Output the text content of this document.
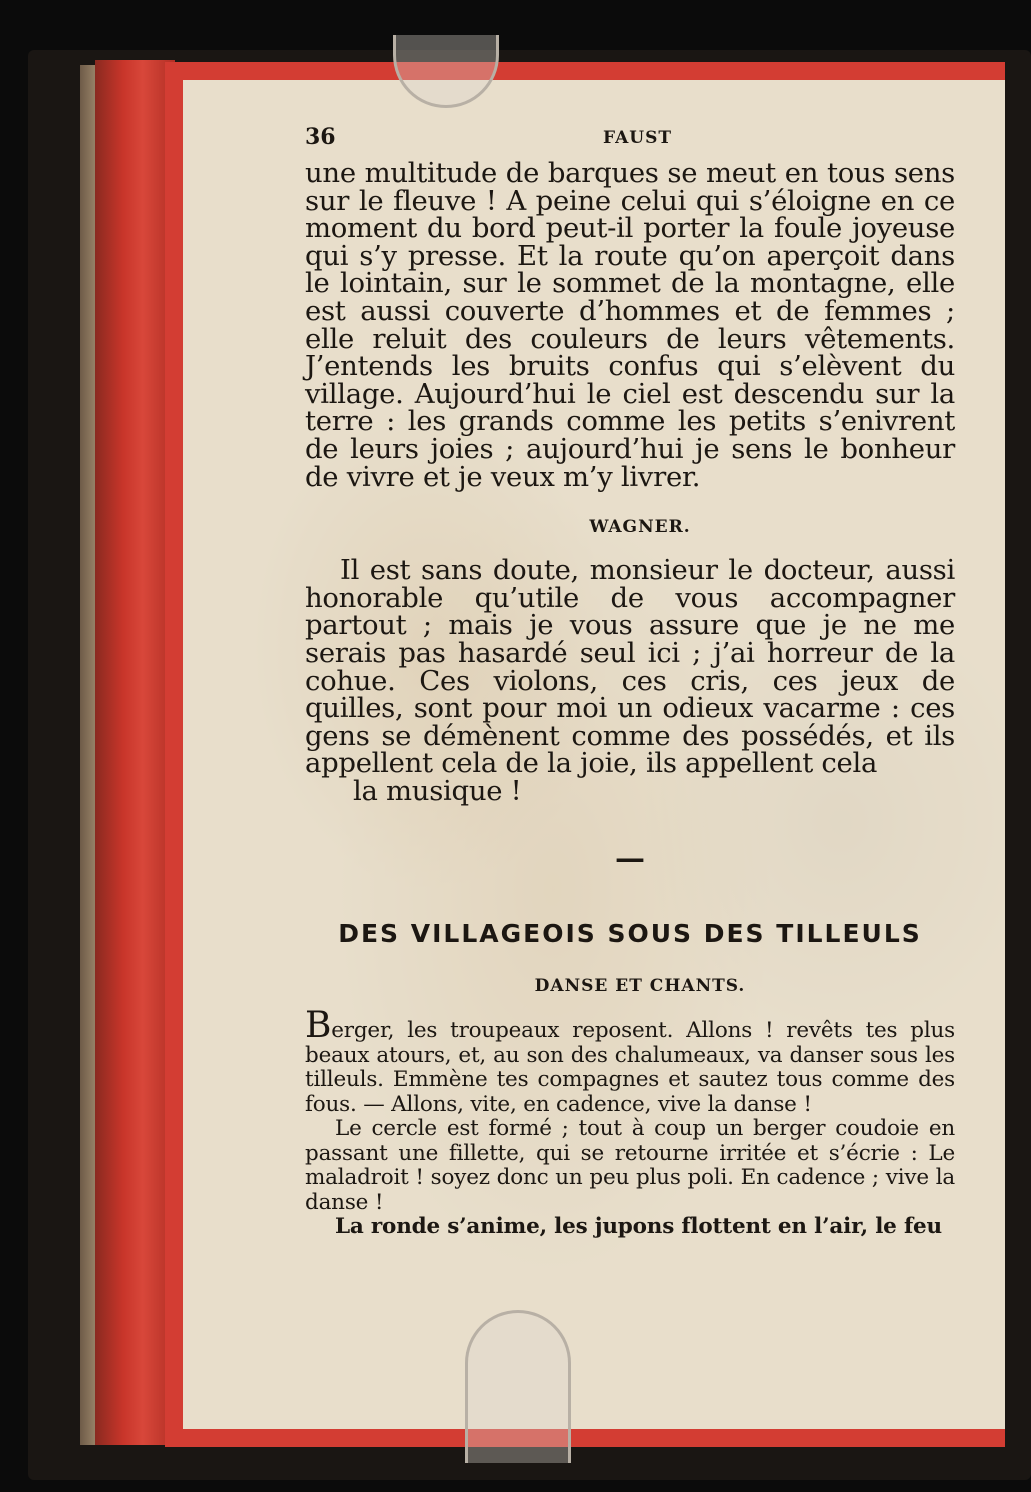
36	FAUST

une multitude de barques se meut en tous sens sur le fleuve ! A peine celui qui s’éloigne en ce moment du bord peut-il porter la foule joyeuse qui s’y presse. Et la route qu’on aperçoit dans le lointain, sur le sommet de la montagne, elle est aussi couverte d’hommes et de femmes ; elle reluit des couleurs de leurs vêtements. J’entends les bruits confus qui s’elèvent du village. Aujourd’hui le ciel est descendu sur la terre : les grands comme les petits s’enivrent de leurs joies ; aujourd’hui je sens le bonheur de vivre et je veux m’y livrer.

WAGNER.

Il est sans doute, monsieur le docteur, aussi honorable qu’utile de vous accompagner partout ; mais je vous assure que je ne me serais pas hasardé seul ici ; j’ai horreur de la cohue. Ces violons, ces cris, ces jeux de quilles, sont pour moi un odieux vacarme : ces gens se démènent comme des possédés, et ils appellent cela de la joie, ils appellent cela

la musique !

—
DES VILLAGEOIS SOUS DES TILLEULS
DANSE ET CHANTS.

Berger, les troupeaux reposent. Allons ! revêts tes plus beaux atours, et, au son des chalumeaux, va danser sous les tilleuls. Emmène tes compagnes et sautez tous comme des fous. — Allons, vite, en cadence, vive la danse !

Le cercle est formé ; tout à coup un berger coudoie en passant une fillette, qui se retourne irritée et s’écrie : Le maladroit ! soyez donc un peu plus poli. En cadence ; vive la danse !

La ronde s’anime, les jupons flottent en l’air, le feu
